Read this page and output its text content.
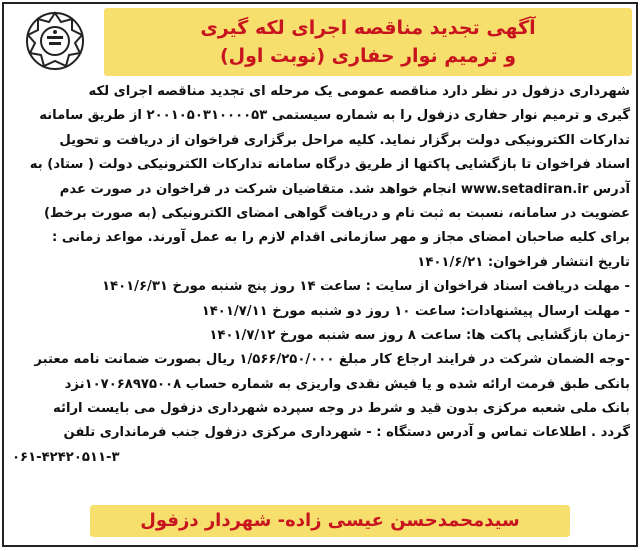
آگهی تجدید مناقصه اجرای لکه گیری
و ترمیم نوار حفاری (نوبت اول)
شهرداری دزفول در نظر دارد مناقصه عمومی یک مرحله ای تجدید مناقصه اجرای لکه
گیری و ترمیم نوار حفاری دزفول را به شماره سیستمی ۲۰۰۱۰۵۰۳۱۰۰۰۰۵۳ از طریق سامانه
تدارکات الکترونیکی دولت برگزار نماید. کلیه مراحل برگزاری فراخوان از دریافت و تحویل
اسناد فراخوان تا بازگشایی پاکتها از طریق درگاه سامانه تدارکات الکترونیکی دولت ( ستاد) به
آدرس www.setadiran.ir انجام خواهد شد. متقاضیان شرکت در فراخوان در صورت عدم
عضویت در سامانه، نسبت به ثبت نام و دریافت گواهی امضای الکترونیکی (به صورت برخط)
برای کلیه صاحبان امضای مجاز و مهر سازمانی اقدام لازم را به عمل آورند. مواعد زمانی :
تاریخ انتشار فراخوان: ۱۴۰۱/۶/۲۱
- مهلت دریافت اسناد فراخوان از سایت : ساعت ۱۴ روز پنج شنبه مورخ ۱۴۰۱/۶/۳۱
- مهلت ارسال پیشنهادات: ساعت ۱۰ روز دو شنبه مورخ ۱۴۰۱/۷/۱۱
-زمان بازگشایی پاکت ها: ساعت ۸ روز سه شنبه مورخ ۱۴۰۱/۷/۱۲
-وجه الضمان شرکت در فرایند ارجاع کار مبلغ ۱/۵۶۶/۲۵۰/۰۰۰ ریال بصورت ضمانت نامه معتبر
بانکی طبق فرمت ارائه شده و یا فیش نقدی واریزی به شماره حساب ۱۰۷۰۶۸۹۷۵۰۰۸نزد
بانک ملی شعبه مرکزی بدون قید و شرط در وجه سپرده شهرداری دزفول می بایست ارائه
گردد . اطلاعات تماس و آدرس دستگاه : - شهرداری مرکزی دزفول جنب فرمانداری تلفن
۰۶۱-۴۲۴۲۰۵۱۱-۳
سیدمحمدحسن عیسی زاده- شهردار دزفول
